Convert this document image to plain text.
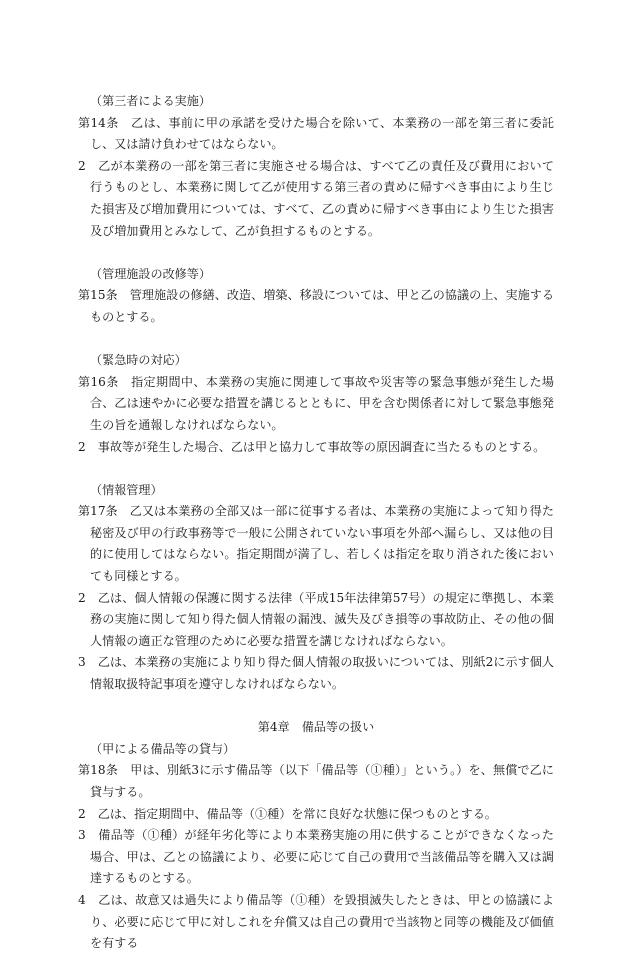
（第三者による実施）
第14条　乙は、事前に甲の承諾を受けた場合を除いて、本業務の一部を第三者に委託し、又は請け負わせてはならない。
2　乙が本業務の一部を第三者に実施させる場合は、すべて乙の責任及び費用において行うものとし、本業務に関して乙が使用する第三者の責めに帰すべき事由により生じた損害及び増加費用については、すべて、乙の責めに帰すべき事由により生じた損害及び増加費用とみなして、乙が負担するものとする。
（管理施設の改修等）
第15条　管理施設の修繕、改造、増築、移設については、甲と乙の協議の上、実施するものとする。
（緊急時の対応）
第16条　指定期間中、本業務の実施に関連して事故や災害等の緊急事態が発生した場合、乙は速やかに必要な措置を講じるとともに、甲を含む関係者に対して緊急事態発生の旨を通報しなければならない。
2　事故等が発生した場合、乙は甲と協力して事故等の原因調査に当たるものとする。
（情報管理）
第17条　乙又は本業務の全部又は一部に従事する者は、本業務の実施によって知り得た秘密及び甲の行政事務等で一般に公開されていない事項を外部へ漏らし、又は他の目的に使用してはならない。指定期間が満了し、若しくは指定を取り消された後においても同様とする。
2　乙は、個人情報の保護に関する法律（平成15年法律第57号）の規定に準拠し、本業務の実施に関して知り得た個人情報の漏洩、滅失及びき損等の事故防止、その他の個人情報の適正な管理のために必要な措置を講じなければならない。
3　乙は、本業務の実施により知り得た個人情報の取扱いについては、別紙2に示す個人情報取扱特記事項を遵守しなければならない。
第4章　備品等の扱い
（甲による備品等の貸与）
第18条　甲は、別紙3に示す備品等（以下「備品等（①種）」という。）を、無償で乙に貸与する。
2　乙は、指定期間中、備品等（①種）を常に良好な状態に保つものとする。
3　備品等（①種）が経年劣化等により本業務実施の用に供することができなくなった場合、甲は、乙との協議により、必要に応じて自己の費用で当該備品等を購入又は調達するものとする。
4　乙は、故意又は過失により備品等（①種）を毀損滅失したときは、甲との協議により、必要に応じて甲に対しこれを弁償又は自己の費用で当該物と同等の機能及び価値を有する
